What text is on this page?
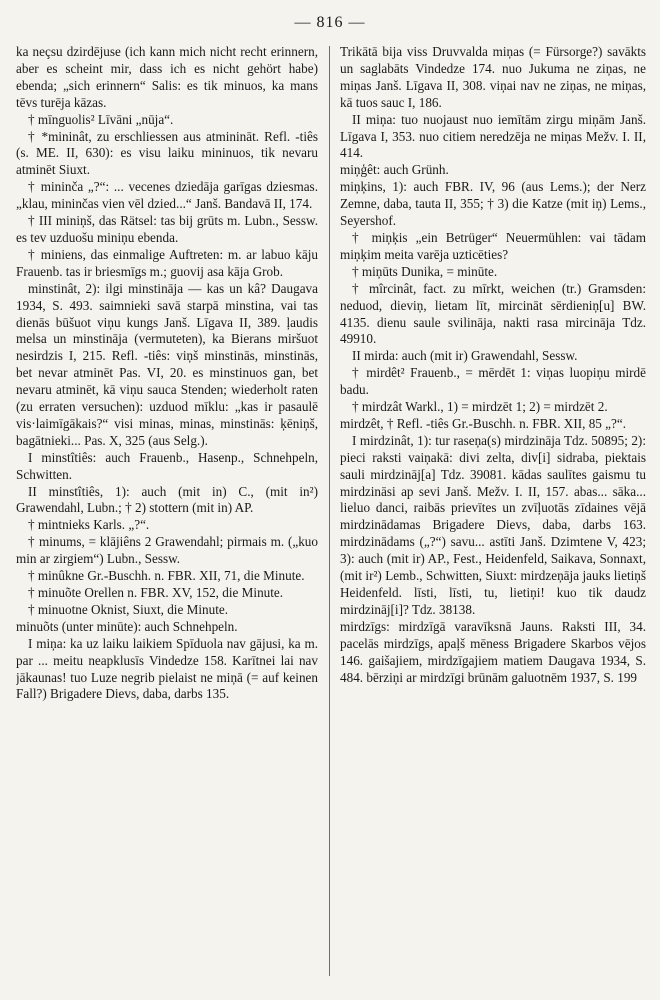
— 816 —

ka neçsu dzirdējuse (ich kann mich nicht recht erinnern, aber es scheint mir, dass ich es nicht gehört habe) ebenda; „sich erinnern“ Salis: es tik minuos, ka mans tēvs turēja kāzas.

† mīnguolis² Līvāni „nūja“.

† *mininât, zu erschliessen aus atminināt. Refl. -tiês (s. ME. II, 630): es visu laiku mininuos, tik nevaru atminēt Siuxt.

† mininča „?“: ... vecenes dziedāja garīgas dziesmas. „klau, mininčas vien vēl dzied...“ Janš. Bandavā II, 174.

† III miniņš, das Rätsel: tas bij grūts m. Lubn., Sessw. es tev uzduošu miniņu ebenda.

† miniens, das einmalige Auftreten: m. ar labuo kāju Frauenb. tas ir briesmīgs m.; guovij asa kāja Grob.

minstinât, 2): ilgi minstināja — kas un kâ? Daugava 1934, S. 493. saimnieki savā starpā minstina, vai tas dienās būšuot viņu kungs Janš. Līgava II, 389. ļaudis melsa un minstināja (vermuteten), ka Bierans miršuot nesirdzis I, 215. Refl. -tiês: viņš minstinās, minstinās, bet nevar atminēt Pas. VI, 20. es minstinuos gan, bet nevaru atminēt, kā viņu sauca Stenden; wiederholt raten (zu erraten versuchen): uzduod mīklu: „kas ir pasaulē vis·laimīgākais?“ visi minas, minas, minstinās: ķēniņš, bagātnieki... Pas. X, 325 (aus Selg.).

I minstîtiês: auch Frauenb., Hasenp., Schnehpeln, Schwitten.

II minstîtiês, 1): auch (mit in) C., (mit in²) Grawendahl, Lubn.; † 2) stottern (mit in) AP.

† mintnieks Karls. „?“.

† minums, = klājiêns 2 Grawendahl; pirmais m. („kuo min ar zirgiem“) Lubn., Sessw.

† minûkne Gr.-Buschh. n. FBR. XII, 71, die Minute.

† minuõte Orellen n. FBR. XV, 152, die Minute.

† minuotne Oknist, Siuxt, die Minute.

minuõts (unter minūte): auch Schnehpeln.

I miņa: ka uz laiku laikiem Spīduola nav gājusi, ka m. par ... meitu neapklusīs Vindedze 158. Karītnei lai nav jākaunas! tuo Luze negrib pielaist ne miņā (= auf keinen Fall?) Brigadere Dievs, daba, darbs 135.

Trikātā bija viss Druvvalda miņas (= Fürsorge?) savākts un saglabāts Vindedze 174. nuo Jukuma ne ziņas, ne miņas Janš. Līgava II, 308. viņai nav ne ziņas, ne miņas, kā tuos sauc I, 186.

II miņa: tuo nuojaust nuo iemītām zirgu miņām Janš. Līgava I, 353. nuo citiem neredzēja ne miņas Mežv. I. II, 414.

miņģêt: auch Grünh.

miņķins, 1): auch FBR. IV, 96 (aus Lems.); der Nerz Zemne, daba, tauta II, 355; † 3) die Katze (mit iņ) Lems., Seyershof.

† miņķis „ein Betrüger“ Neuermühlen: vai tādam miņķim meita varēja uzticēties?

† miņūts Dunika, = minūte.

† mîrcinât, fact. zu mīrkt, weichen (tr.) Gramsden: neduod, dieviņ, lietam līt, mircināt sērdieniņ[u] BW. 4135. dienu saule svilināja, nakti rasa mircināja Tdz. 49910.

II mirda: auch (mit ir) Grawendahl, Sessw.

† mirdêt² Frauenb., = mērdēt 1: viņas luopiņu mirdē badu.

† mirdzât Warkl., 1) = mirdzēt 1; 2) = mirdzēt 2.

mirdzêt, † Refl. -tiês Gr.-Buschh. n. FBR. XII, 85 „?“.

I mirdzinât, 1): tur raseņa(s) mirdzināja Tdz. 50895; 2): pieci raksti vaiņakā: divi zelta, div[i] sidraba, piektais sauli mirdzināj[a] Tdz. 39081. kādas saulītes gaismu tu mirdzināsi ap sevi Janš. Mežv. I. II, 157. abas... sāka... lieluo danci, raibās prievītes un zvīļuotās zīdaines vējā mirdzinādamas Brigadere Dievs, daba, darbs 163. mirdzinādams („?“) savu... astīti Janš. Dzimtene V, 423; 3): auch (mit ir) AP., Fest., Heidenfeld, Saikava, Sonnaxt, (mit ir²) Lemb., Schwitten, Siuxt: mirdzeņāja jauks lietiņš Heidenfeld. līsti, līsti, tu, lietiņi! kuo tik daudz mirdzināj[i]? Tdz. 38138.

mirdzīgs: mirdzīgā varavīksnā Jauns. Raksti III, 34. pacelās mirdzīgs, apaļš mēness Brigadere Skarbos vējos 146. gaišajiem, mirdzīgajiem matiem Daugava 1934, S. 484. bērziņi ar mirdzīgi brūnām galuotnēm 1937, S. 199
